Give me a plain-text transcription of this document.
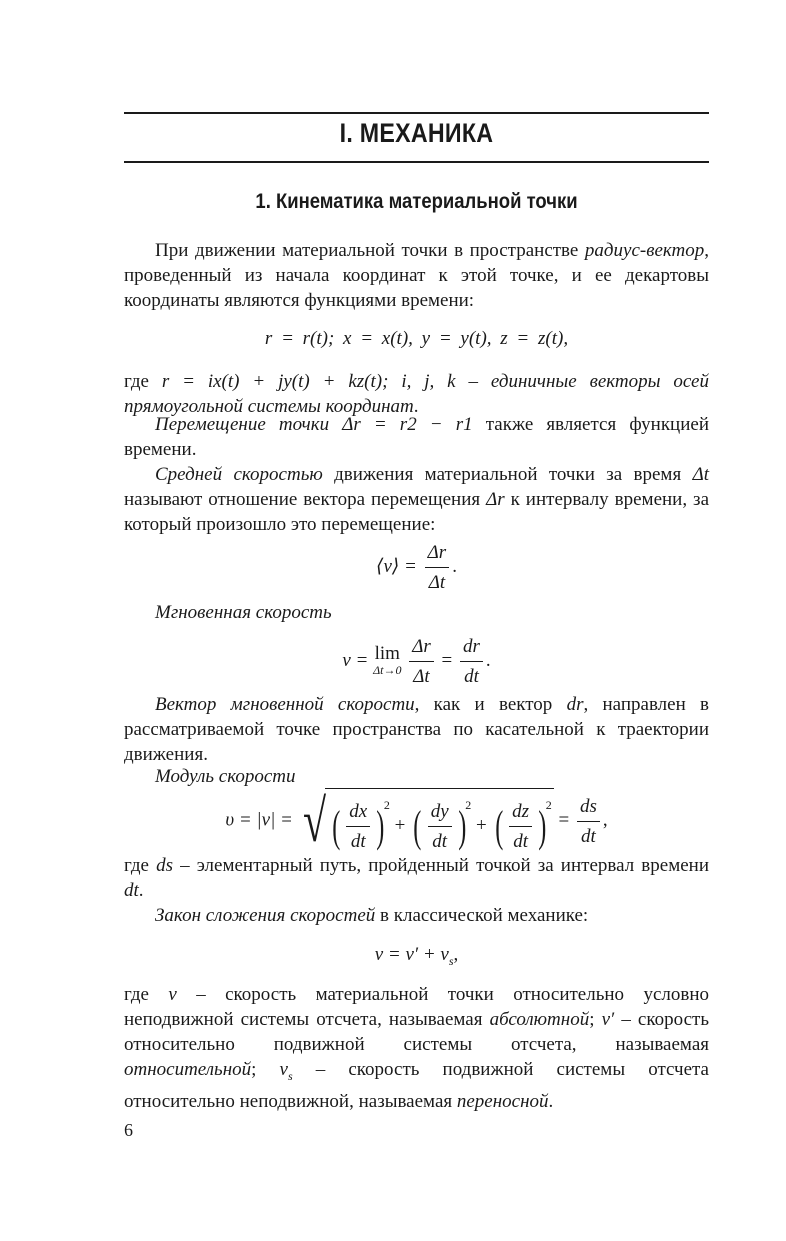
I. МЕХАНИКА
1. Кинематика материальной точки
При движении материальной точки в пространстве радиус-вектор, проведенный из начала координат к этой точке, и ее декартовы координаты являются функциями времени:
r = r(t); x = x(t), y = y(t), z = z(t),
где r = ix(t) + jy(t) + kz(t); i, j, k – единичные векторы осей прямоугольной системы координат.
Перемещение точки Δr = r2 − r1 также является функцией времени.
Средней скоростью движения материальной точки за время Δt называют отношение вектора перемещения Δr к интервалу времени, за который произошло это перемещение:
⟨v⟩ = $\frac{\Delta r}{\Delta t}$ .
Мгновенная скорость
v = lim
Δt→0
$\frac{\Delta r}{\Delta t} = \frac{dr}{dt}$ .
Вектор мгновенной скорости, как и вектор dr, направлен в рассматриваемой точке пространства по касательной к траектории движения.
Модуль скорости
υ = |v| = √ ( $\frac{dx}{dt} )^2$ + ( $\frac{dy}{dt} )^2$ + ( $\frac{dz}{dt} )^2 = \frac{ds}{dt}$ ,
где ds – элементарный путь, пройденный точкой за интервал времени dt.
Закон сложения скоростей в классической механике:
$v = v' + v_s$,
где v – скорость материальной точки относительно условно неподвижной системы отсчета, называемая абсолютной; v′ – скорость относительно подвижной системы отсчета, называемая относительной; $v_s$ – скорость подвижной системы отсчета относительно неподвижной, называемая переносной.
6
